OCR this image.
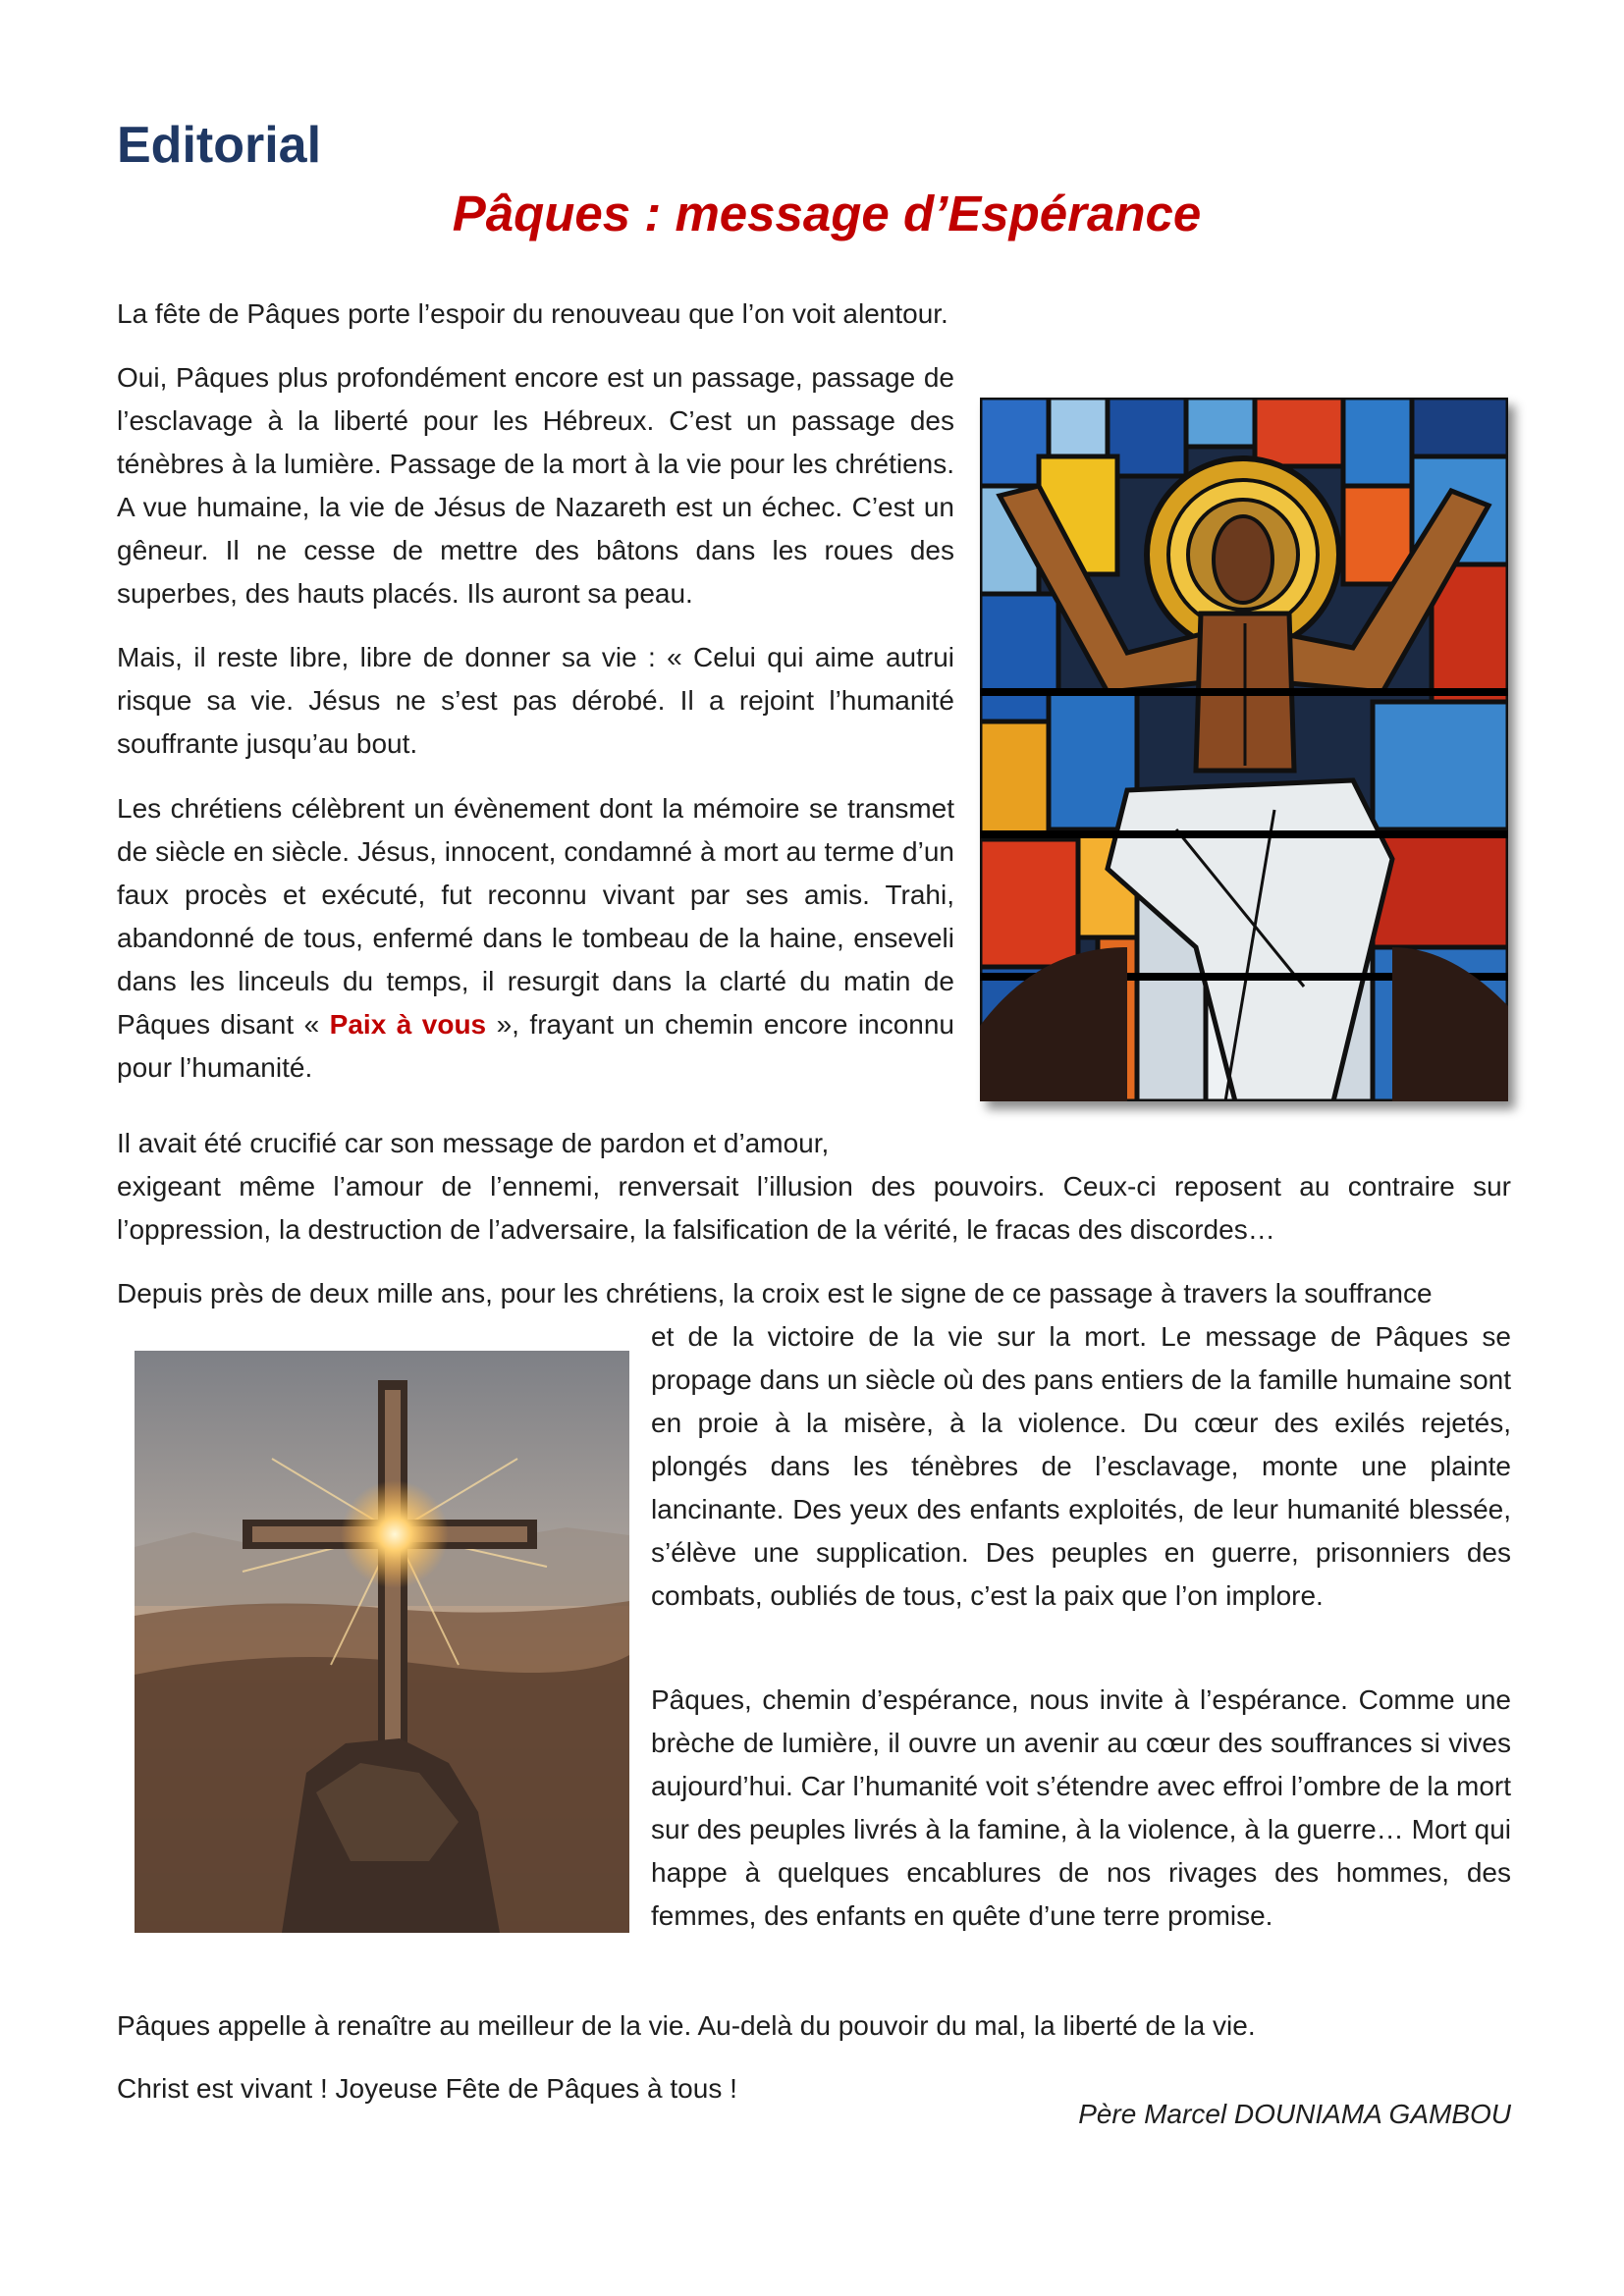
Editorial
Pâques : message d’Espérance

La fête de Pâques porte l’espoir du renouveau que l’on voit alentour.

Oui, Pâques plus profondément encore est un passage, passage de l’esclavage à la liberté pour les Hébreux. C’est un passage des ténèbres à la lumière. Passage de la mort à la vie pour les chrétiens. A vue humaine, la vie de Jésus de Nazareth est un échec. C’est un gêneur. Il ne cesse de mettre des bâtons dans les roues des superbes, des hauts placés. Ils auront sa peau.

Mais, il reste libre, libre de donner sa vie : « Celui qui aime autrui risque sa vie. Jésus ne s’est pas dérobé. Il a rejoint l’humanité souffrante jusqu’au bout.

Les chrétiens célèbrent un évènement dont la mémoire se transmet de siècle en siècle. Jésus, innocent, condamné à mort au terme d’un faux procès et exécuté, fut reconnu vivant par ses amis. Trahi, abandonné de tous, enfermé dans le tombeau de la haine, enseveli dans les linceuls du temps, il resurgit dans la clarté du matin de Pâques disant « Paix à vous », frayant un chemin encore inconnu pour l’humanité.

Il avait été crucifié car son message de pardon et d’amour,

exigeant même l’amour de l’ennemi, renversait l’illusion des pouvoirs. Ceux-ci reposent au contraire sur l’oppression, la destruction de l’adversaire, la falsification de la vérité, le fracas des discordes…

Depuis près de deux mille ans, pour les chrétiens, la croix est le signe de ce passage à travers la souffrance

et de la victoire de la vie sur la mort. Le message de Pâques se propage dans un siècle où des pans entiers de la famille humaine sont en proie à la misère, à la violence. Du cœur des exilés rejetés, plongés dans les ténèbres de l’esclavage, monte une plainte lancinante. Des yeux des enfants exploités, de leur humanité blessée, s’élève une supplication. Des peuples en guerre, prisonniers des combats, oubliés de tous, c’est la paix que l’on implore.

Pâques, chemin d’espérance, nous invite à l’espérance. Comme une brèche de lumière, il ouvre un avenir au cœur des souffrances si vives aujourd’hui. Car l’humanité voit s’étendre avec effroi l’ombre de la mort sur des peuples livrés à la famine, à la violence, à la guerre… Mort qui happe à quelques encablures de nos rivages des hommes, des femmes, des enfants en quête d’une terre promise.

Pâques appelle à renaître au meilleur de la vie. Au-delà du pouvoir du mal, la liberté de la vie.

Christ est vivant ! Joyeuse Fête de Pâques à tous !

Père Marcel DOUNIAMA GAMBOU
